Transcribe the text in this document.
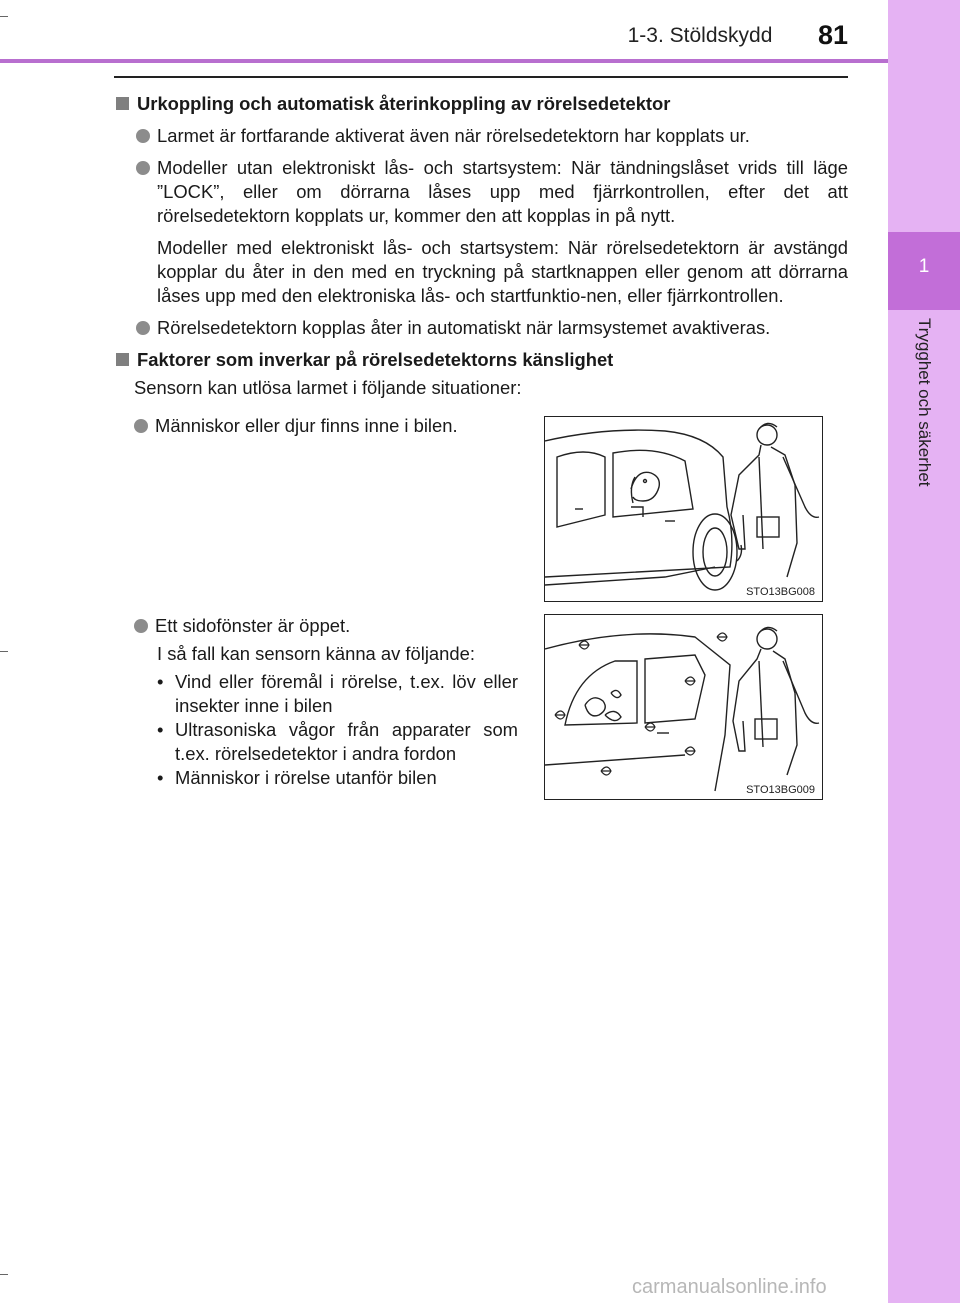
1-3. Stöldskydd 81
1
Trygghet och säkerhet
Urkoppling och automatisk återinkoppling av rörelsedetektor
Larmet är fortfarande aktiverat även när rörelsedetektorn har kopplats ur.
Modeller utan elektroniskt lås- och startsystem: När tändningslåset vrids till läge ”LOCK”, eller om dörrarna låses upp med fjärrkontrollen, efter det att rörelsedetektorn kopplats ur, kommer den att kopplas in på nytt.
Modeller med elektroniskt lås- och startsystem: När rörelsedetektorn är avstängd kopplar du åter in den med en tryckning på startknappen eller genom att dörrarna låses upp med den elektroniska lås- och startfunktio-nen, eller fjärrkontrollen.
Rörelsedetektorn kopplas åter in automatiskt när larmsystemet avaktiveras.
Faktorer som inverkar på rörelsedetektorns känslighet
Sensorn kan utlösa larmet i följande situationer:
Människor eller djur finns inne i bilen.
STO13BG008
Ett sidofönster är öppet.
I så fall kan sensorn känna av följande:
• Vind eller föremål i rörelse, t.ex. löv eller insekter inne i bilen
• Ultrasoniska vågor från apparater som t.ex. rörelsedetektor i andra fordon
• Människor i rörelse utanför bilen
STO13BG009
carmanualsonline.info
